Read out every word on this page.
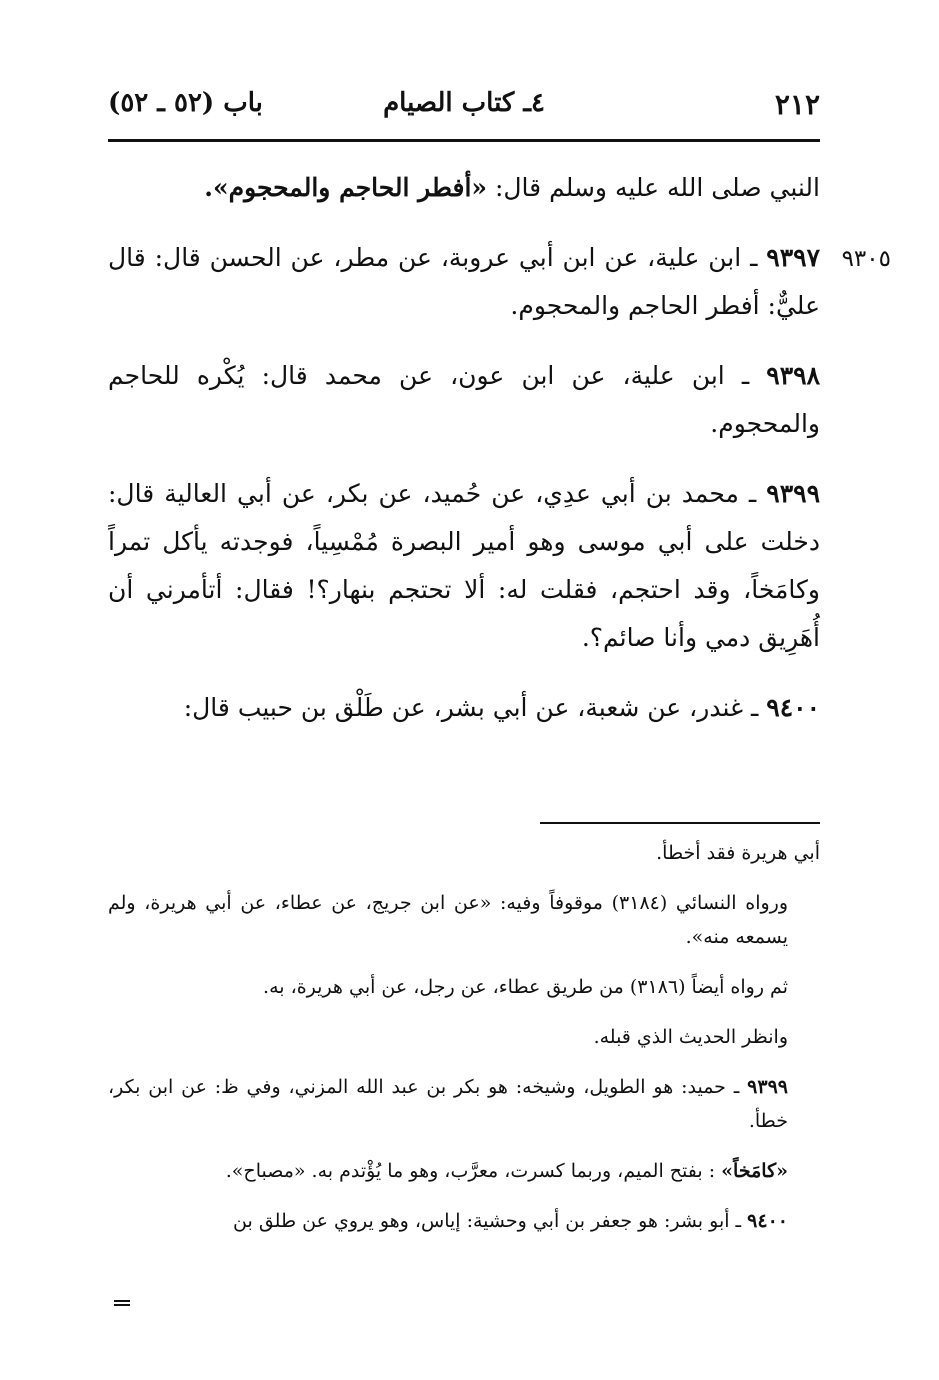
٢١٢
٤ـ كتاب الصيام
باب (٥٢ ـ ٥٢)
٩٣٠٥

النبي صلى الله عليه وسلم قال: «أفطر الحاجم والمحجوم».

٩٣٩٧ ـ ابن علية، عن ابن أبي عروبة، عن مطر، عن الحسن قال: قال عليٌّ: أفطر الحاجم والمحجوم.

٩٣٩٨ ـ ابن علية، عن ابن عون، عن محمد قال: يُكْره للحاجم والمحجوم.

٩٣٩٩ ـ محمد بن أبي عدِي، عن حُميد، عن بكر، عن أبي العالية قال: دخلت على أبي موسى وهو أمير البصرة مُمْسِياً، فوجدته يأكل تمراً وكامَخاً، وقد احتجم، فقلت له: ألا تحتجم بنهار؟! فقال: أتأمرني أن أُهَرِيق دمي وأنا صائم؟.

٩٤٠٠ ـ غندر، عن شعبة، عن أبي بشر، عن طَلْق بن حبيب قال:

أبي هريرة فقد أخطأ.

ورواه النسائي (٣١٨٤) موقوفاً وفيه: «عن ابن جريج، عن عطاء، عن أبي هريرة، ولم يسمعه منه».

ثم رواه أيضاً (٣١٨٦) من طريق عطاء، عن رجل، عن أبي هريرة، به.

وانظر الحديث الذي قبله.

٩٣٩٩ ـ حميد: هو الطويل، وشيخه: هو بكر بن عبد الله المزني، وفي ظ: عن ابن بكر، خطأ.

«كامَخاً» : بفتح الميم، وربما كسرت، معرَّب، وهو ما يُؤْتدم به. «مصباح».

٩٤٠٠ ـ أبو بشر: هو جعفر بن أبي وحشية: إياس، وهو يروي عن طلق بن
